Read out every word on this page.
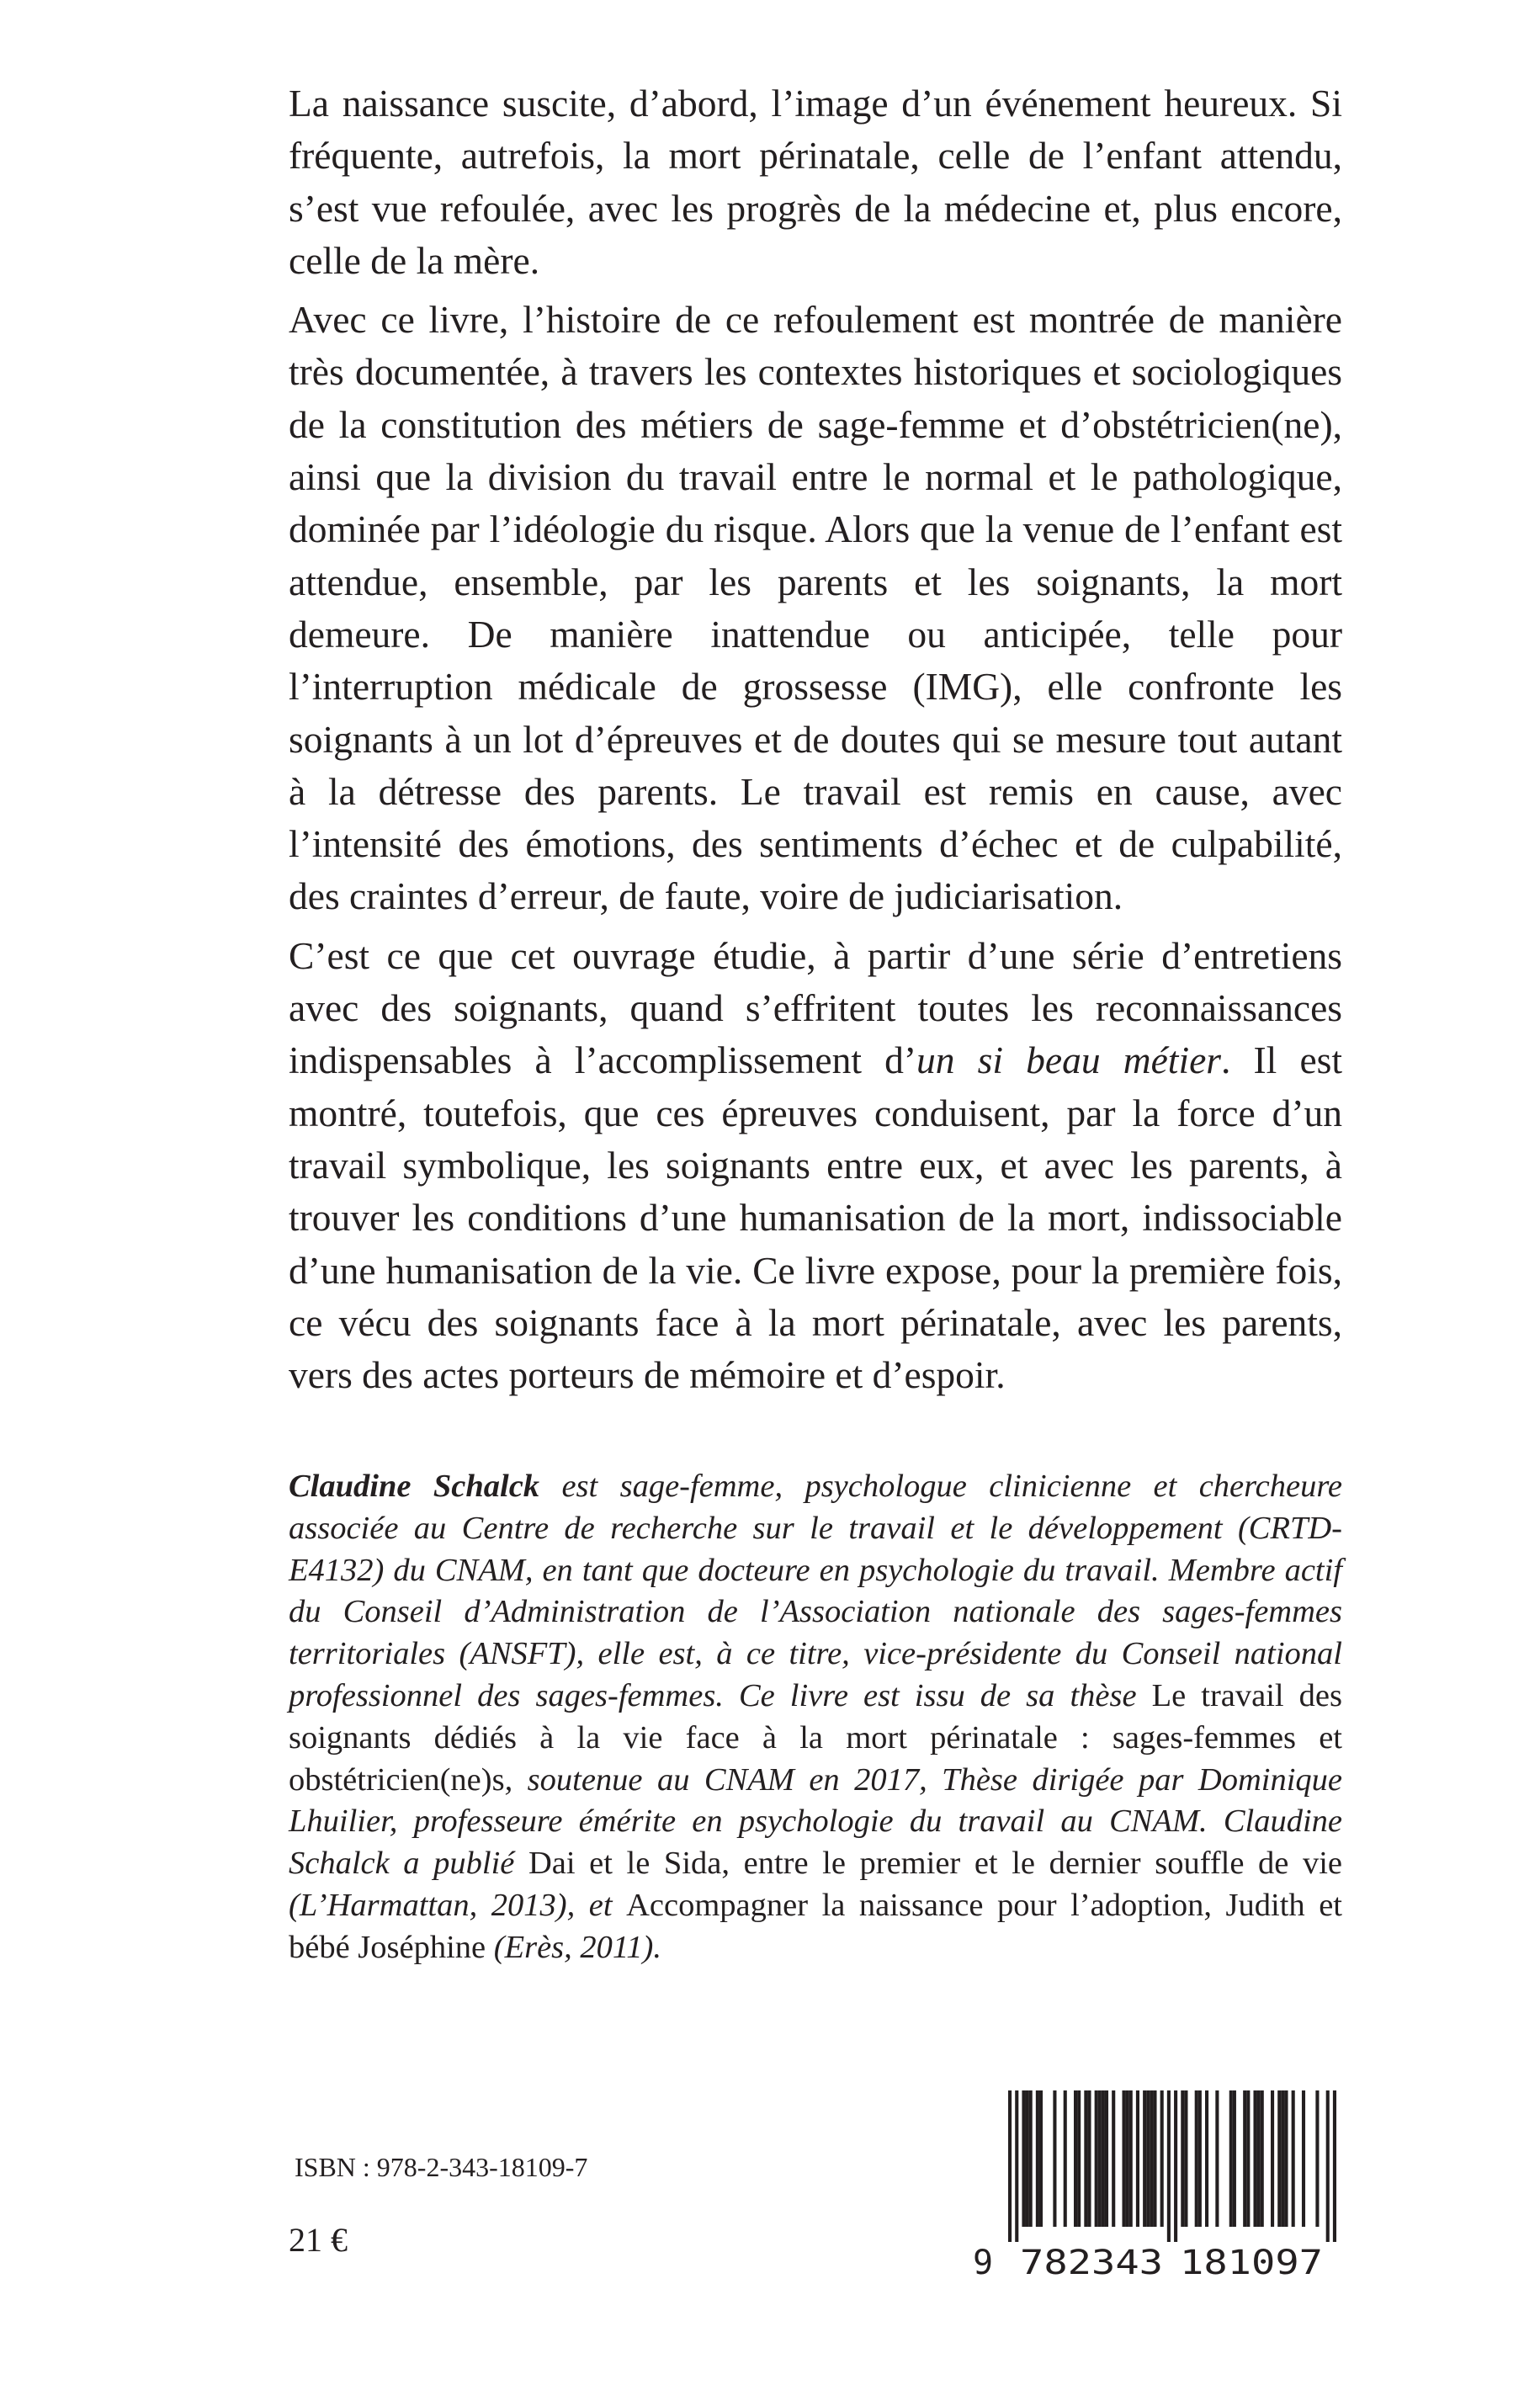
La naissance suscite, d’abord, l’image d’un événement heureux. Si fréquente, autrefois, la mort périnatale, celle de l’enfant attendu, s’est vue refoulée, avec les progrès de la médecine et, plus encore, celle de la mère.

Avec ce livre, l’histoire de ce refoulement est montrée de manière très documentée, à travers les contextes historiques et sociologiques de la constitution des métiers de sage-femme et d’obstétricien(ne), ainsi que la division du travail entre le normal et le pathologique, dominée par l’idéologie du risque. Alors que la venue de l’enfant est attendue, ensemble, par les parents et les soignants, la mort demeure. De manière inattendue ou anticipée, telle pour l’interruption médicale de grossesse (IMG), elle confronte les soignants à un lot d’épreuves et de doutes qui se mesure tout autant à la détresse des parents. Le travail est remis en cause, avec l’intensité des émotions, des sentiments d’échec et de culpabilité, des craintes d’erreur, de faute, voire de judiciarisation.

C’est ce que cet ouvrage étudie, à partir d’une série d’entretiens avec des soignants, quand s’effritent toutes les reconnaissances indispensables à l’accomplissement d’un si beau métier. Il est montré, toutefois, que ces épreuves conduisent, par la force d’un travail symbolique, les soignants entre eux, et avec les parents, à trouver les conditions d’une humanisation de la mort, indissociable d’une humanisation de la vie. Ce livre expose, pour la première fois, ce vécu des soignants face à la mort périnatale, avec les parents, vers des actes porteurs de mémoire et d’espoir.

Claudine Schalck est sage-femme, psychologue clinicienne et chercheure associée au Centre de recherche sur le travail et le développement (CRTD-E4132) du CNAM, en tant que docteure en psychologie du travail. Membre actif du Conseil d’Administration de l’Association nationale des sages-femmes territoriales (ANSFT), elle est, à ce titre, vice-présidente du Conseil national professionnel des sages-femmes. Ce livre est issu de sa thèse Le travail des soignants dédiés à la vie face à la mort périnatale : sages-femmes et obstétricien(ne)s, soutenue au CNAM en 2017, Thèse dirigée par Dominique Lhuilier, professeure émérite en psychologie du travail au CNAM. Claudine Schalck a publié Dai et le Sida, entre le premier et le dernier souffle de vie (L’Harmattan, 2013), et Accompagner la naissance pour l’adoption, Judith et bébé Joséphine (Erès, 2011).
ISBN : 978-2-343-18109-7
21 €
9 782343 181097
